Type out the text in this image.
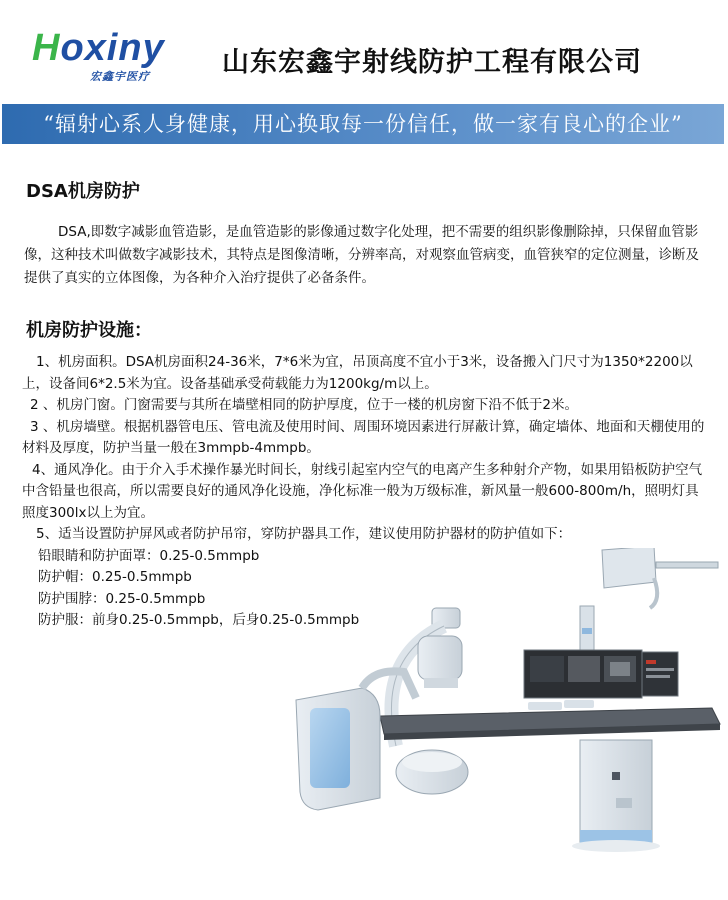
Hoxiny
宏鑫宇医疗	山东宏鑫宇射线防护工程有限公司
“辐射心系人身健康，用心换取每一份信任，做一家有良心的企业”
DSA机房防护
DSA,即数字减影血管造影，是血管造影的影像通过数字化处理，把不需要的组织影像删除掉，只保留血管影像，这种技术叫做数字减影技术，其特点是图像清晰，分辨率高，对观察血管病变，血管狭窄的定位测量，诊断及提供了真实的立体图像，为各种介入治疗提供了必备条件。
机房防护设施：

1、机房面积。DSA机房面积24-36米，7*6米为宜，吊顶高度不宜小于3米，设备搬入门尺寸为1350*2200以上，设备间6*2.5米为宜。设备基础承受荷载能力为1200kg/m以上。

2 、机房门窗。门窗需要与其所在墙壁相同的防护厚度，位于一楼的机房窗下沿不低于2米。

3 、机房墙壁。根据机器管电压、管电流及使用时间、周围环境因素进行屏蔽计算，确定墙体、地面和天棚使用的材料及厚度，防护当量一般在3mmpb-4mmpb。

4、通风净化。由于介入手术操作暴光时间长，射线引起室内空气的电离产生多种射介产物，如果用铅板防护空气中含铅量也很高，所以需要良好的通风净化设施，净化标准一般为万级标准，新风量一般600-800m/h，照明灯具照度300lx以上为宜。

5、适当设置防护屏风或者防护吊帘，穿防护器具工作，建议使用防护器材的防护值如下：

铅眼睛和防护面罩：0.25-0.5mmpb

防护帽：0.25-0.5mmpb

防护围脖：0.25-0.5mmpb

防护服：前身0.25-0.5mmpb，后身0.25-0.5mmpb
